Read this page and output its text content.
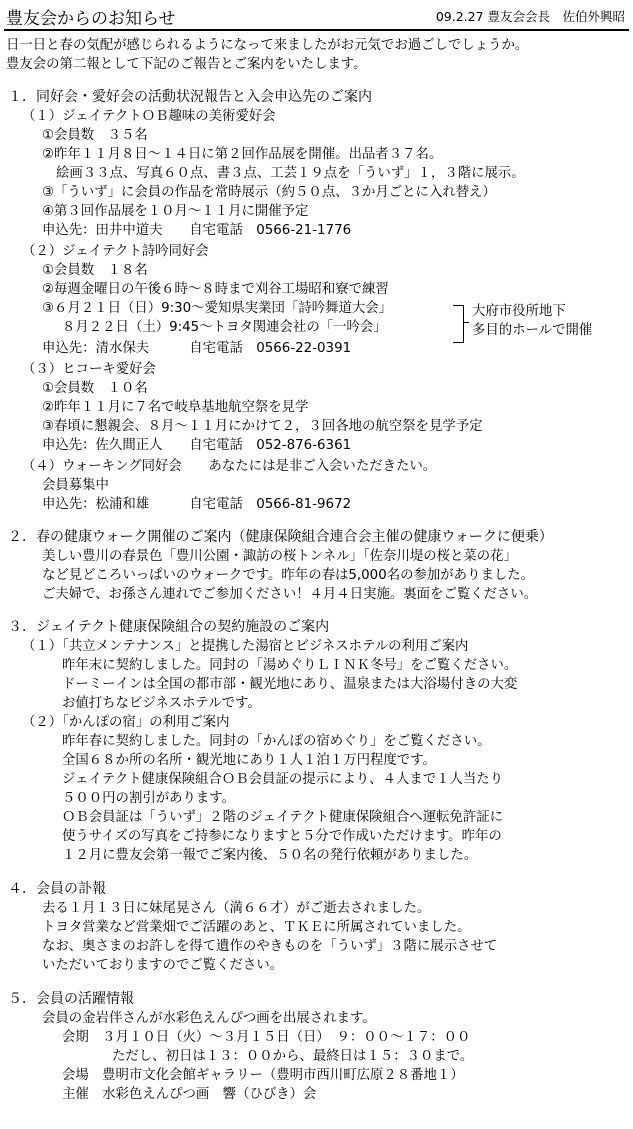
豊友会からのお知らせ	09.2.27 豊友会会長　佐伯外興昭
日一日と春の気配が感じられるようになって来ましたがお元気でお過ごしでしょうか。
豊友会の第二報として下記のご報告とご案内をいたします。
１．同好会・愛好会の活動状況報告と入会申込先のご案内
（１）ジェイテクトＯＢ趣味の美術愛好会
①会員数　３５名
②昨年１１月８日～１４日に第２回作品展を開催。出品者３７名。
絵画３３点、写真６０点、書３点、工芸１９点を「ういず」１，３階に展示。
③「ういず」に会員の作品を常時展示（約５０点、３か月ごとに入れ替え）
④第３回作品展を１０月～１１月に開催予定
申込先：田井中道夫　　自宅電話　0566-21-1776
（２）ジェイテクト詩吟同好会
①会員数　１８名
②毎週金曜日の午後６時～８時まで刈谷工場昭和寮で練習
③６月２１日（日）9:30～愛知県実業団「詩吟舞道大会」
８月２２日（土）9:45～トヨタ関連会社の「一吟会」
大府市役所地下
多目的ホールで開催
申込先：清水保夫　　　自宅電話　0566-22-0391
（３）ヒコーキ愛好会
①会員数　１０名
②昨年１１月に７名で岐阜基地航空祭を見学
③春頃に懇親会、８月～１１月にかけて２，３回各地の航空祭を見学予定
申込先：佐久間正人　　自宅電話　052-876-6361
（４）ウォーキング同好会　　あなたには是非ご入会いただきたい。
会員募集中
申込先：松浦和雄　　　自宅電話　0566-81-9672
２．春の健康ウォーク開催のご案内（健康保険組合連合会主催の健康ウォークに便乗）
美しい豊川の春景色「豊川公園・諏訪の桜トンネル」「佐奈川堤の桜と菜の花」
など見どころいっぱいのウォークです。昨年の春は5,000名の参加がありました。
ご夫婦で、お孫さん連れでご参加ください！４月４日実施。裏面をご覧ください。
３．ジェイテクト健康保険組合の契約施設のご案内
（１）「共立メンテナンス」と提携した湯宿とビジネスホテルの利用ご案内
昨年末に契約しました。同封の「湯めぐりＬＩＮＫ冬号」をご覧ください。
ドーミーインは全国の都市部・観光地にあり、温泉または大浴場付きの大変
お値打ちなビジネスホテルです。
（２）「かんぽの宿」の利用ご案内
昨年春に契約しました。同封の「かんぽの宿めぐり」をご覧ください。
全国６８か所の名所・観光地にあり１人１泊１万円程度です。
ジェイテクト健康保険組合ＯＢ会員証の提示により、４人まで１人当たり
５００円の割引があります。
ＯＢ会員証は「ういず」２階のジェイテクト健康保険組合へ運転免許証に
使うサイズの写真をご持参になりますと５分で作成いただけます。昨年の
１２月に豊友会第一報でご案内後、５０名の発行依頼がありました。
４．会員の訃報
去る１月１３日に妹尾晃さん（満６６才）がご逝去されました。
トヨタ営業など営業畑でご活躍のあと、ＴＫＥに所属されていました。
なお、奥さまのお許しを得て遺作のやきものを「ういず」３階に展示させて
いただいておりますのでご覧ください。
５．会員の活躍情報
会員の金岩伴さんが水彩色えんぴつ画を出展されます。
会期　３月１０日（火）～３月１５日（日）　９：００～１７：００
ただし、初日は１３：００から、最終日は１５：３０まで。
会場　豊明市文化会館ギャラリー（豊明市西川町広原２８番地１）
主催　水彩色えんぴつ画　響（ひびき）会
